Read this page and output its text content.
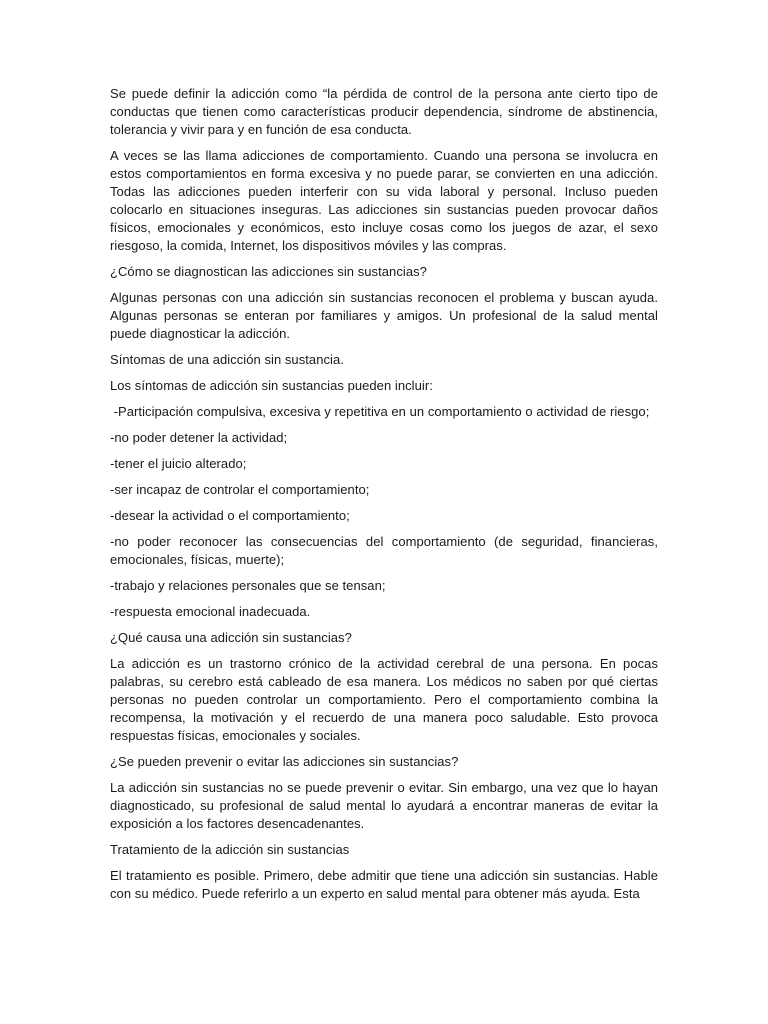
Se puede definir la adicción como “la pérdida de control de la persona ante cierto tipo de conductas que tienen como características producir dependencia, síndrome de abstinencia, tolerancia y vivir para y en función de esa conducta.

A veces se las llama adicciones de comportamiento. Cuando una persona se involucra en estos comportamientos en forma excesiva y no puede parar, se convierten en una adicción. Todas las adicciones pueden interferir con su vida laboral y personal. Incluso pueden colocarlo en situaciones inseguras. Las adicciones sin sustancias pueden provocar daños físicos, emocionales y económicos, esto incluye cosas como los juegos de azar, el sexo riesgoso, la comida, Internet, los dispositivos móviles y las compras.

¿Cómo se diagnostican las adicciones sin sustancias?

Algunas personas con una adicción sin sustancias reconocen el problema y buscan ayuda. Algunas personas se enteran por familiares y amigos. Un profesional de la salud mental puede diagnosticar la adicción.

Síntomas de una adicción sin sustancia.

Los síntomas de adicción sin sustancias pueden incluir:

-Participación compulsiva, excesiva y repetitiva en un comportamiento o actividad de riesgo;

-no poder detener la actividad;

-tener el juicio alterado;

-ser incapaz de controlar el comportamiento;

-desear la actividad o el comportamiento;

-no poder reconocer las consecuencias del comportamiento (de seguridad, financieras, emocionales, físicas, muerte);

-trabajo y relaciones personales que se tensan;

-respuesta emocional inadecuada.

¿Qué causa una adicción sin sustancias?

La adicción es un trastorno crónico de la actividad cerebral de una persona. En pocas palabras, su cerebro está cableado de esa manera. Los médicos no saben por qué ciertas personas no pueden controlar un comportamiento. Pero el comportamiento combina la recompensa, la motivación y el recuerdo de una manera poco saludable. Esto provoca respuestas físicas, emocionales y sociales.

¿Se pueden prevenir o evitar las adicciones sin sustancias?

La adicción sin sustancias no se puede prevenir o evitar. Sin embargo, una vez que lo hayan diagnosticado, su profesional de salud mental lo ayudará a encontrar maneras de evitar la exposición a los factores desencadenantes.

Tratamiento de la adicción sin sustancias

El tratamiento es posible. Primero, debe admitir que tiene una adicción sin sustancias. Hable con su médico. Puede referirlo a un experto en salud mental para obtener más ayuda. Esta
